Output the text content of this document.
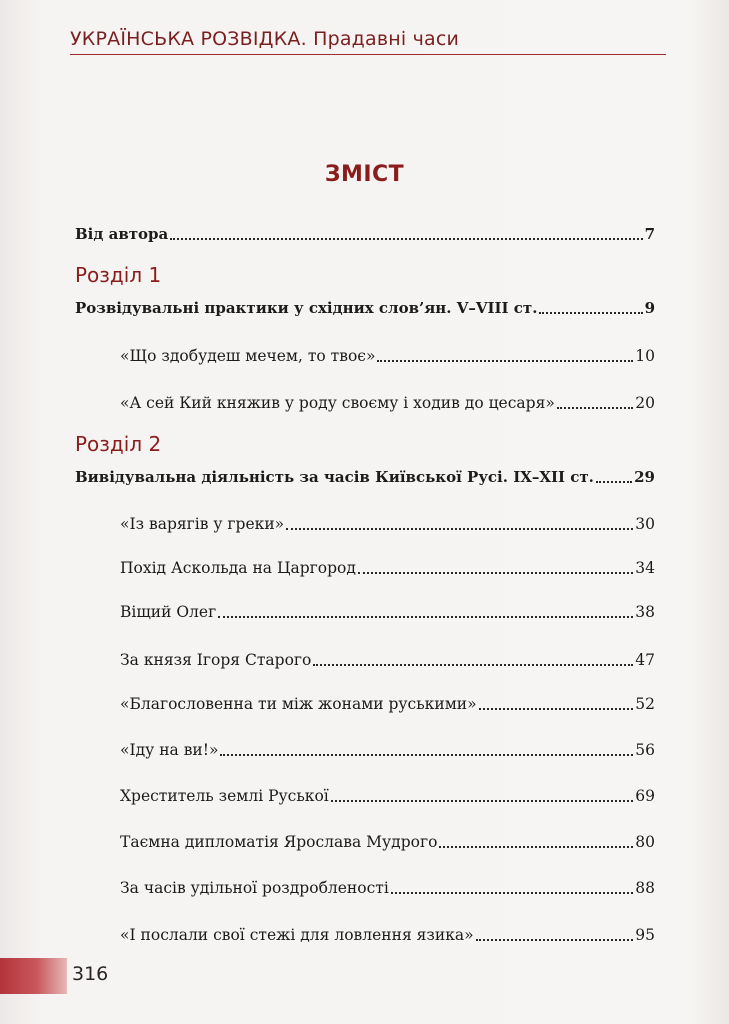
УКРАЇНСЬКА РОЗВІДКА. Прадавні часи
ЗМІСТ
Від автора	7
Розділ 1
Розвідувальні практики у східних слов’ян. V–VIII ст.	9
«Що здобудеш мечем, то твоє»	10
«А сей Кий княжив у роду своєму і ходив до цесаря»	20
Розділ 2
Вивідувальна діяльність за часів Київської Русі. IX–XII ст.	29
«Із варягів у греки»	30
Похід Аскольда на Царгород	34
Віщий Олег	38
За князя Ігоря Старого	47
«Благословенна ти між жонами руськими»	52
«Іду на ви!»	56
Хреститель землі Руської	69
Таємна дипломатія Ярослава Мудрого	80
За часів удільної роздробленості	88
«І послали свої стежі для ловлення язика»	95
316
